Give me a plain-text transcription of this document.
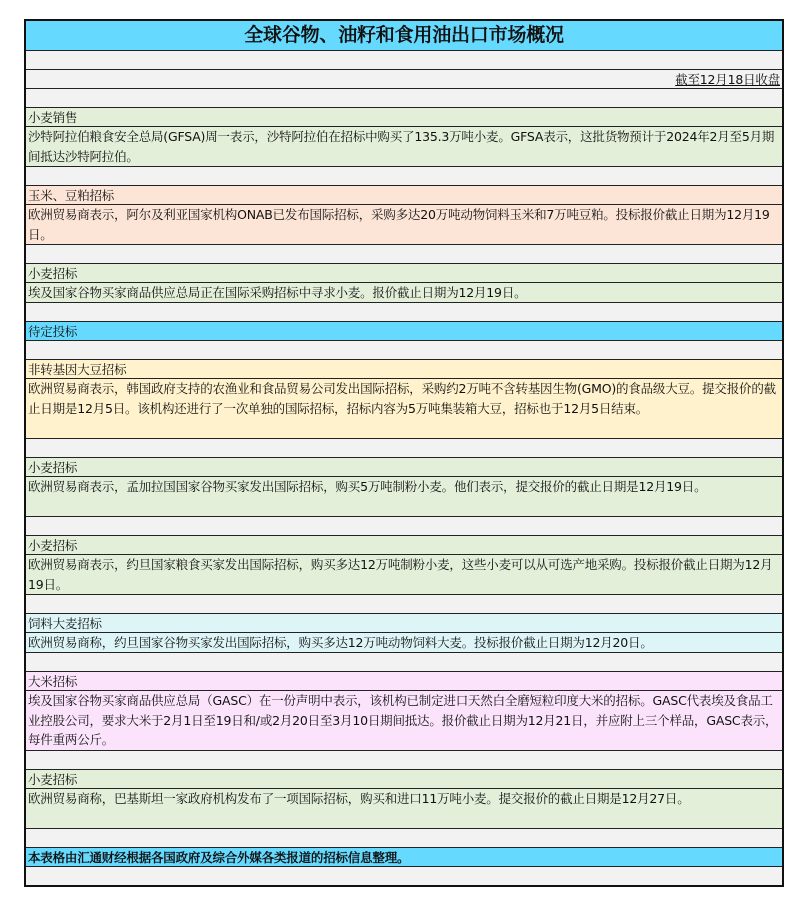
全球谷物、油籽和食用油出口市场概况
截至12月18日收盘
小麦销售
沙特阿拉伯粮食安全总局(GFSA)周一表示，沙特阿拉伯在招标中购买了135.3万吨小麦。GFSA表示，这批货物预计于2024年2月至5月期间抵达沙特阿拉伯。
玉米、豆粕招标
欧洲贸易商表示，阿尔及利亚国家机构ONAB已发布国际招标，采购多达20万吨动物饲料玉米和7万吨豆粕。投标报价截止日期为12月19日。
小麦招标
埃及国家谷物买家商品供应总局正在国际采购招标中寻求小麦。报价截止日期为12月19日。
待定投标
非转基因大豆招标
欧洲贸易商表示，韩国政府支持的农渔业和食品贸易公司发出国际招标，采购约2万吨不含转基因生物(GMO)的食品级大豆。提交报价的截止日期是12月5日。该机构还进行了一次单独的国际招标，招标内容为5万吨集装箱大豆，招标也于12月5日结束。
小麦招标
欧洲贸易商表示，孟加拉国国家谷物买家发出国际招标，购买5万吨制粉小麦。他们表示，提交报价的截止日期是12月19日。
小麦招标
欧洲贸易商表示，约旦国家粮食买家发出国际招标，购买多达12万吨制粉小麦，这些小麦可以从可选产地采购。投标报价截止日期为12月19日。
饲料大麦招标
欧洲贸易商称，约旦国家谷物买家发出国际招标，购买多达12万吨动物饲料大麦。投标报价截止日期为12月20日。
大米招标
埃及国家谷物买家商品供应总局（GASC）在一份声明中表示，该机构已制定进口天然白全磨短粒印度大米的招标。GASC代表埃及食品工业控股公司，要求大米于2月1日至19日和/或2月20日至3月10日期间抵达。报价截止日期为12月21日，并应附上三个样品，GASC表示，每件重两公斤。
小麦招标
欧洲贸易商称，巴基斯坦一家政府机构发布了一项国际招标，购买和进口11万吨小麦。提交报价的截止日期是12月27日。
本表格由汇通财经根据各国政府及综合外媒各类报道的招标信息整理。
